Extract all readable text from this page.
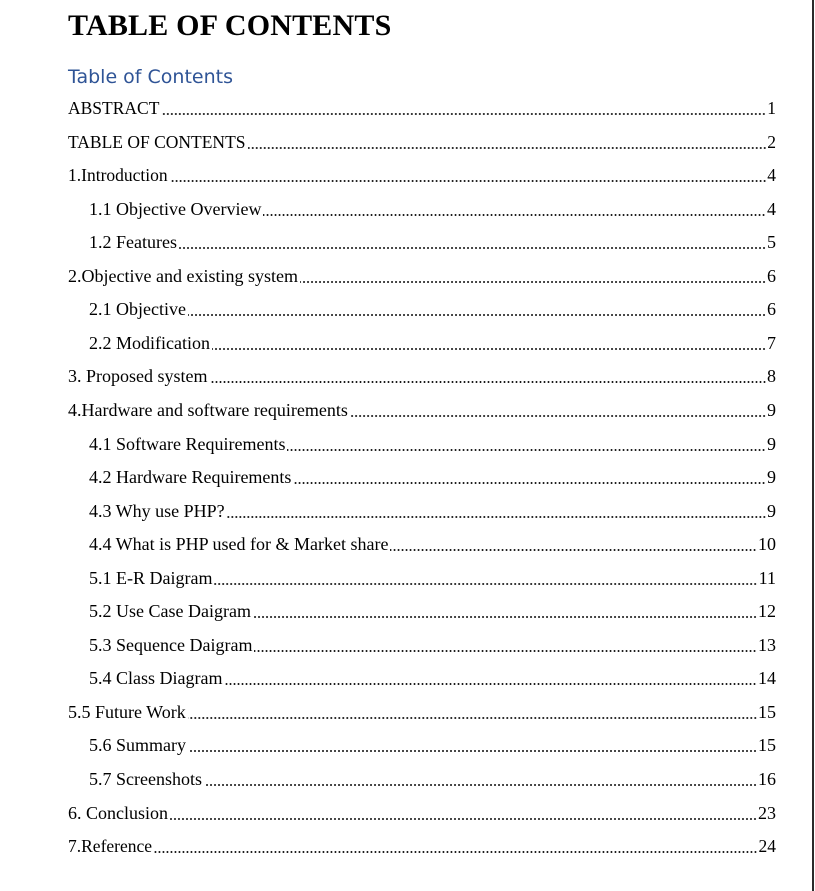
TABLE OF CONTENTS
Table of Contents
ABSTRACT	1
TABLE OF CONTENTS	2
1.Introduction	4
1.1 Objective Overview	4
1.2 Features	5
2.Objective and existing system	6
2.1 Objective	6
2.2 Modification	7
3. Proposed system	8
4.Hardware and software requirements	9
4.1 Software Requirements	9
4.2 Hardware Requirements	9
4.3 Why use PHP?	9
4.4 What is PHP used for & Market share	10
5.1 E-R Daigram	11
5.2 Use Case Daigram	12
5.3 Sequence Daigram	13
5.4 Class Diagram	14
5.5 Future Work	15
5.6 Summary	15
5.7 Screenshots	16
6. Conclusion	23
7.Reference	24
